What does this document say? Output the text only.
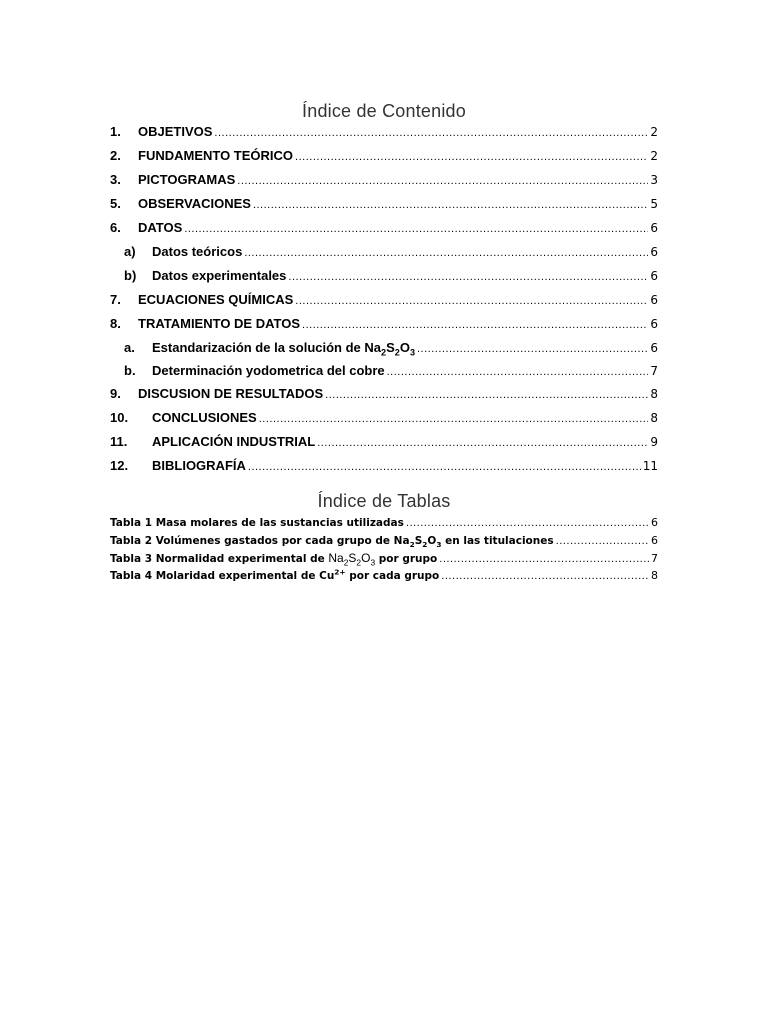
Índice de Contenido
1.	OBJETIVOS .....	2
2.	FUNDAMENTO TEÓRICO .....	2
3.	PICTOGRAMAS .....	3
5.	OBSERVACIONES .....	5
6.	DATOS .....	6
a)	Datos teóricos .....	6
b)	Datos experimentales .....	6
7.	ECUACIONES QUÍMICAS .....	6
8.	TRATAMIENTO DE DATOS .....	6
a.	Estandarización de la solución de $Na_2S_2O_3$ .....	6
b.	Determinación yodometrica del cobre .....	7
9.	DISCUSION DE RESULTADOS .....	8
10.	CONCLUSIONES .....	8
11.	APLICACIÓN INDUSTRIAL .....	9
12.	BIBLIOGRAFÍA .....	11
Índice de Tablas
Tabla 1 Masa molares de las sustancias utilizadas .....	6
Tabla 2 Volúmenes gastados por cada grupo de $Na_2S_2O_3$ en las titulaciones .....	6
Tabla 3 Normalidad experimental de $Na_2S_2O_3$ por grupo .....	7
Tabla 4 Molaridad experimental de $Cu^{2+}$ por cada grupo .....	8
